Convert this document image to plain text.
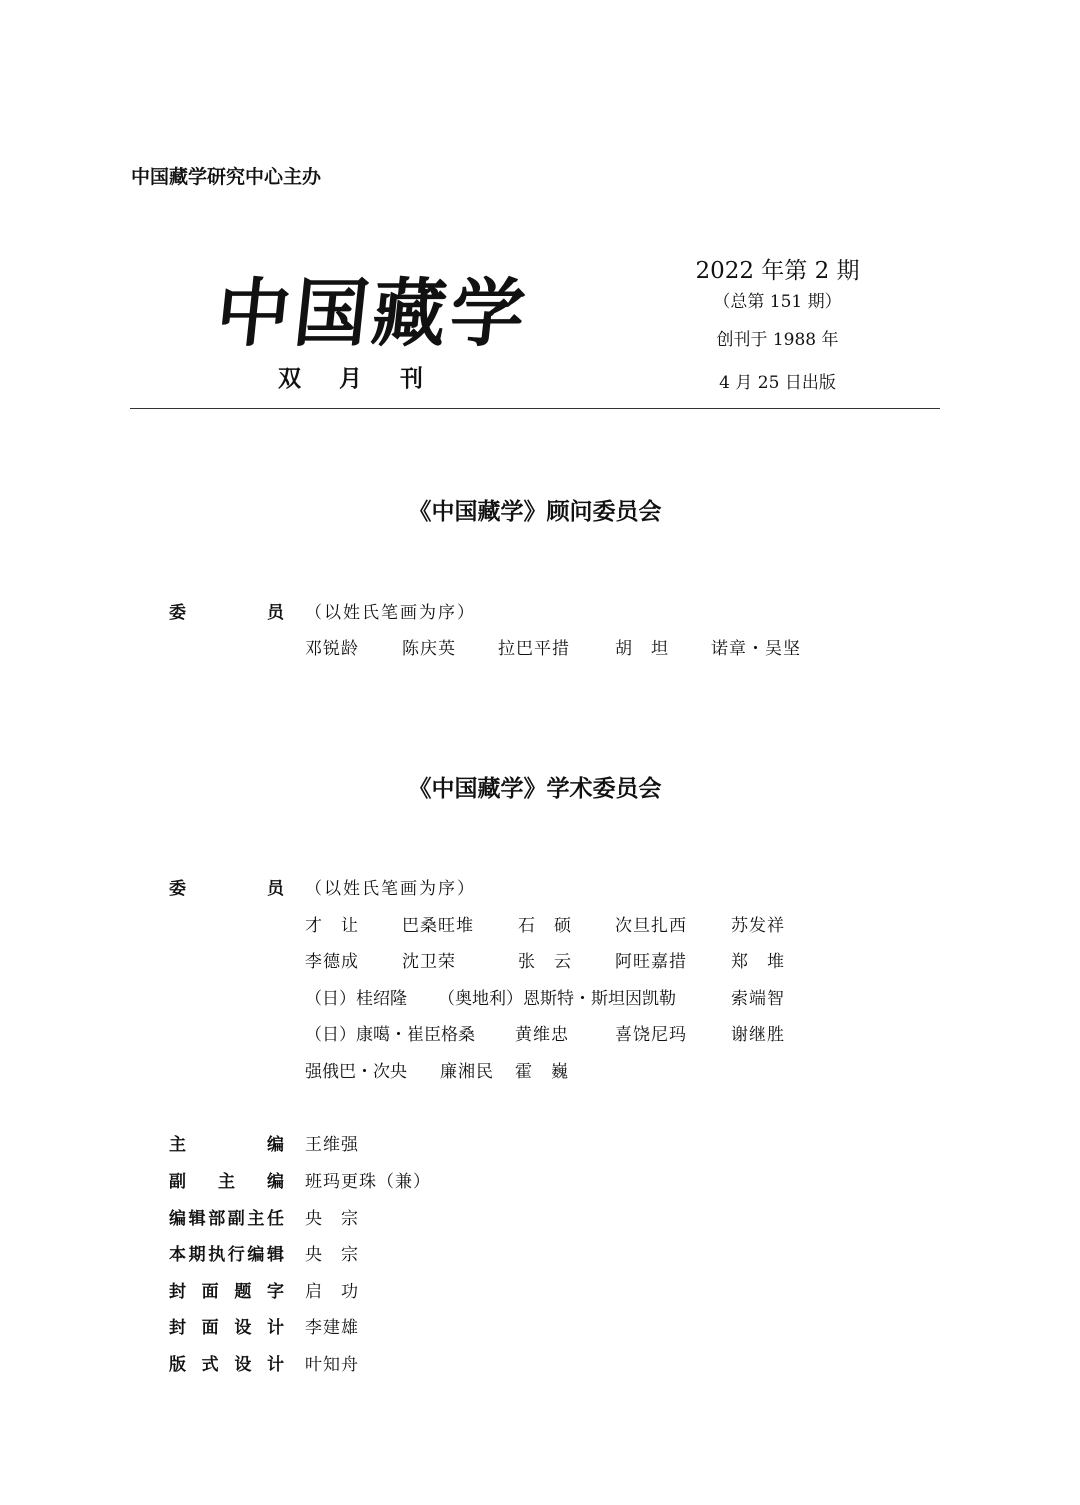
中国藏学研究中心主办
中国藏学
双 月 刊
2022 年第 2 期
（总第 151 期）
创刊于 1988 年
4 月 25 日出版
《中国藏学》顾问委员会
委	员 （以姓氏笔画为序）
邓锐龄	陈庆英 拉巴平措	胡　坦 诺章・吴坚
《中国藏学》学术委员会
委	员 （以姓氏笔画为序）
才　让	巴桑旺堆	石　硕	次旦扎西	苏发祥
李德成	沈卫荣	张　云	阿旺嘉措	郑　堆
（日）桂绍隆 （奥地利）恩斯特・斯坦因凯勒	索端智
（日）康噶・崔臣格桑 黄维忠	喜饶尼玛	谢继胜
强俄巴・次央 廉湘民 霍　巍
主	编 王维强
副 主 编 班玛更珠（兼）
编 辑 部 副 主 任 央　宗
本 期 执 行 编 辑 央　宗
封 面 题 字 启　功
封 面 设 计 李建雄
版 式 设 计 叶知舟
